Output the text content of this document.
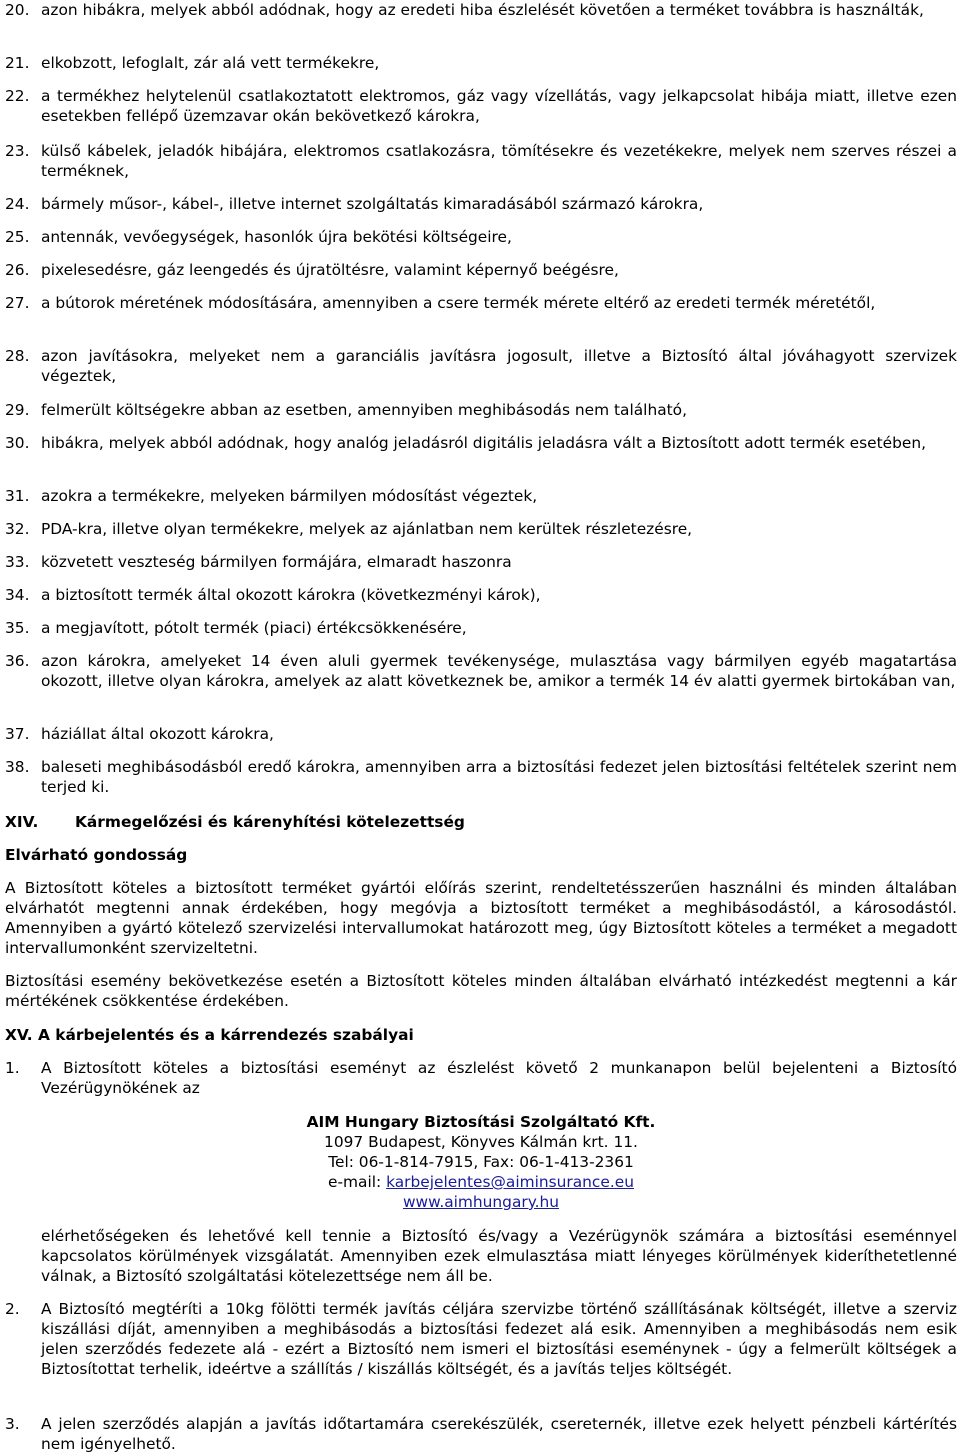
20. azon hibákra, melyek abból adódnak, hogy az eredeti hiba észlelését követően a terméket továbbra is használták,
21. elkobzott, lefoglalt, zár alá vett termékekre,
22. a termékhez helytelenül csatlakoztatott elektromos, gáz vagy vízellátás, vagy jelkapcsolat hibája miatt, illetve ezen esetekben fellépő üzemzavar okán bekövetkező károkra,
23. külső kábelek, jeladók hibájára, elektromos csatlakozásra, tömítésekre és vezetékekre, melyek nem szerves részei a terméknek,
24. bármely műsor-, kábel-, illetve internet szolgáltatás kimaradásából származó károkra,
25. antennák, vevőegységek, hasonlók újra bekötési költségeire,
26. pixelesedésre, gáz leengedés és újratöltésre, valamint képernyő beégésre,
27. a bútorok méretének módosítására, amennyiben a csere termék mérete eltérő az eredeti termék méretétől,
28. azon javításokra, melyeket nem a garanciális javításra jogosult, illetve a Biztosító által jóváhagyott szervizek végeztek,
29. felmerült költségekre abban az esetben, amennyiben meghibásodás nem található,
30. hibákra, melyek abból adódnak, hogy analóg jeladásról digitális jeladásra vált a Biztosított adott termék esetében,
31. azokra a termékekre, melyeken bármilyen módosítást végeztek,
32. PDA-kra, illetve olyan termékekre, melyek az ajánlatban nem kerültek részletezésre,
33. közvetett veszteség bármilyen formájára, elmaradt haszonra
34. a biztosított termék által okozott károkra (következményi károk),
35. a megjavított, pótolt termék (piaci) értékcsökkenésére,
36. azon károkra, amelyeket 14 éven aluli gyermek tevékenysége, mulasztása vagy bármilyen egyéb magatartása okozott, illetve olyan károkra, amelyek az alatt következnek be, amikor a termék 14 év alatti gyermek birtokában van,
37. háziállat által okozott károkra,
38. baleseti meghibásodásból eredő károkra, amennyiben arra a biztosítási fedezet jelen biztosítási feltételek szerint nem terjed ki.
XIV. Kármegelőzési és kárenyhítési kötelezettség
Elvárható gondosság
A Biztosított köteles a biztosított terméket gyártói előírás szerint, rendeltetésszerűen használni és minden általában elvárhatót megtenni annak érdekében, hogy megóvja a biztosított terméket a meghibásodástól, a károsodástól. Amennyiben a gyártó kötelező szervizelési intervallumokat határozott meg, úgy Biztosított köteles a terméket a megadott intervallumonként szervizeltetni.
Biztosítási esemény bekövetkezése esetén a Biztosított köteles minden általában elvárható intézkedést megtenni a kár mértékének csökkentése érdekében.
XV. A kárbejelentés és a kárrendezés szabályai
1. A Biztosított köteles a biztosítási eseményt az észlelést követő 2 munkanapon belül bejelenteni a Biztosító Vezérügynökének az
AIM Hungary Biztosítási Szolgáltató Kft.
1097 Budapest, Könyves Kálmán krt. 11.
Tel: 06-1-814-7915, Fax: 06-1-413-2361
e-mail: karbejelentes@aiminsurance.eu
www.aimhungary.hu
elérhetőségeken és lehetővé kell tennie a Biztosító és/vagy a Vezérügynök számára a biztosítási eseménnyel kapcsolatos körülmények vizsgálatát. Amennyiben ezek elmulasztása miatt lényeges körülmények kideríthetetlenné válnak, a Biztosító szolgáltatási kötelezettsége nem áll be.
2. A Biztosító megtéríti a 10kg fölötti termék javítás céljára szervizbe történő szállításának költségét, illetve a szerviz kiszállási díját, amennyiben a meghibásodás a biztosítási fedezet alá esik. Amennyiben a meghibásodás nem esik jelen szerződés fedezete alá - ezért a Biztosító nem ismeri el biztosítási eseménynek - úgy a felmerült költségek a Biztosítottat terhelik, ideértve a szállítás / kiszállás költségét, és a javítás teljes költségét.
3. A jelen szerződés alapján a javítás időtartamára cserekészülék, csereternék, illetve ezek helyett pénzbeli kártérítés nem igényelhető.
